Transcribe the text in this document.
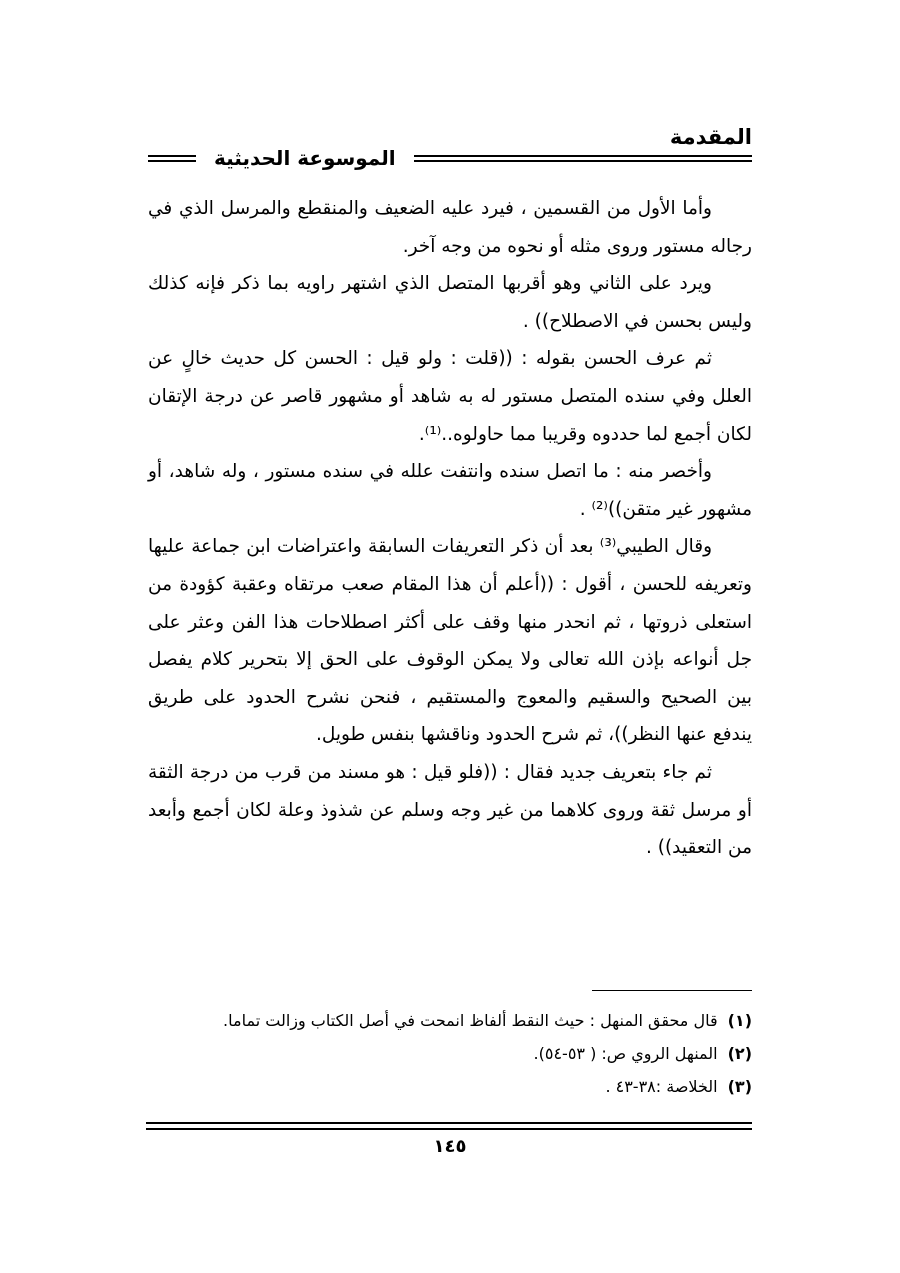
المقدمة
الموسوعة الحديثية

وأما الأول من القسمين ، فيرد عليه الضعيف والمنقطع والمرسل الذي في رجاله مستور وروى مثله أو نحوه من وجه آخر.

ويرد على الثاني وهو أقربها المتصل الذي اشتهر راويه بما ذكر فإنه كذلك وليس بحسن في الاصطلاح)) .

ثم عرف الحسن بقوله : ((قلت : ولو قيل : الحسن كل حديث خالٍ عن العلل وفي سنده المتصل مستور له به شاهد أو مشهور قاصر عن درجة الإتقان لكان أجمع لما حددوه وقريبا مما حاولوه..⁽¹⁾.

وأخصر منه : ما اتصل سنده وانتفت علله في سنده مستور ، وله شاهد، أو مشهور غير متقن))⁽²⁾ .

وقال الطيبي⁽³⁾ بعد أن ذكر التعريفات السابقة واعتراضات ابن جماعة عليها وتعريفه للحسن ، أقول : ((أعلم أن هذا المقام صعب مرتقاه وعقبة كؤودة من استعلى ذروتها ، ثم انحدر منها وقف على أكثر اصطلاحات هذا الفن وعثر على جل أنواعه بإذن الله تعالى ولا يمكن الوقوف على الحق إلا بتحرير كلام يفصل بين الصحيح والسقيم والمعوج والمستقيم ، فنحن نشرح الحدود على طريق يندفع عنها النظر))، ثم شرح الحدود وناقشها بنفس طويل.

ثم جاء بتعريف جديد فقال : ((فلو قيل : هو مسند من قرب من درجة الثقة أو مرسل ثقة وروى كلاهما من غير وجه وسلم عن شذوذ وعلة لكان أجمع وأبعد من التعقيد)) .

(١)
قال محقق المنهل : حيث النقط ألفاظ انمحت في أصل الكتاب وزالت تماما.
(٢)
المنهل الروي ص: ( ٥٣-٥٤).
(٣)
الخلاصة :٣٨-٤٣ .
١٤٥
